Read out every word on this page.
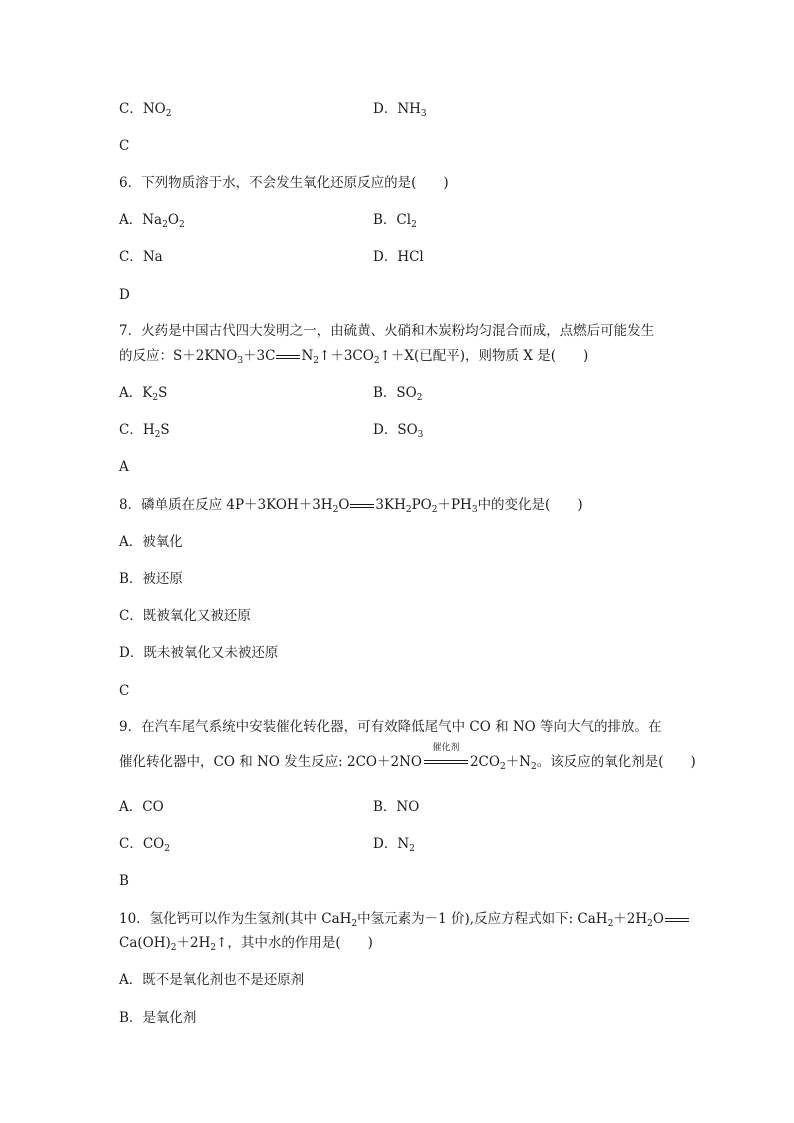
C．$NO_2$	D．$NH_3$
C
6．下列物质溶于水，不会发生氧化还原反应的是(　　)
A．$Na_2O_2$	B．$Cl_2$
C．Na	D．HCl
D
7．火药是中国古代四大发明之一，由硫黄、火硝和木炭粉均匀混合而成，点燃后可能发生
的反应：$S+2KNO_3+3C$ $N_2↑+3CO_2↑+X$(已配平)，则物质 X 是(　　)
A．$K_2S$	B．$SO_2$
C．$H_2S$	D．$SO_3$
A
8．磷单质在反应 $4P+3KOH+3H_2O$ $3KH_2PO_2+PH_3$中的变化是(　　)
A．被氧化
B．被还原
C．既被氧化又被还原
D．既未被氧化又未被还原
C
9．在汽车尾气系统中安装催化转化器，可有效降低尾气中 CO 和 NO 等向大气的排放。在
催化转化器中，CO 和 NO 发生反应: 2CO＋2NO
催化剂
$2CO_2+N_2$。该反应的氧化剂是(　　)
A．CO	B．NO
C．$CO_2$	D．$N_2$
B
10．氢化钙可以作为生氢剂(其中 CaH$_2$中氢元素为－1 价),反应方程式如下: $CaH_2+2H_2O$
$Ca(OH)_2+2H_2↑$，其中水的作用是(　　)
A．既不是氧化剂也不是还原剂
B．是氧化剂
